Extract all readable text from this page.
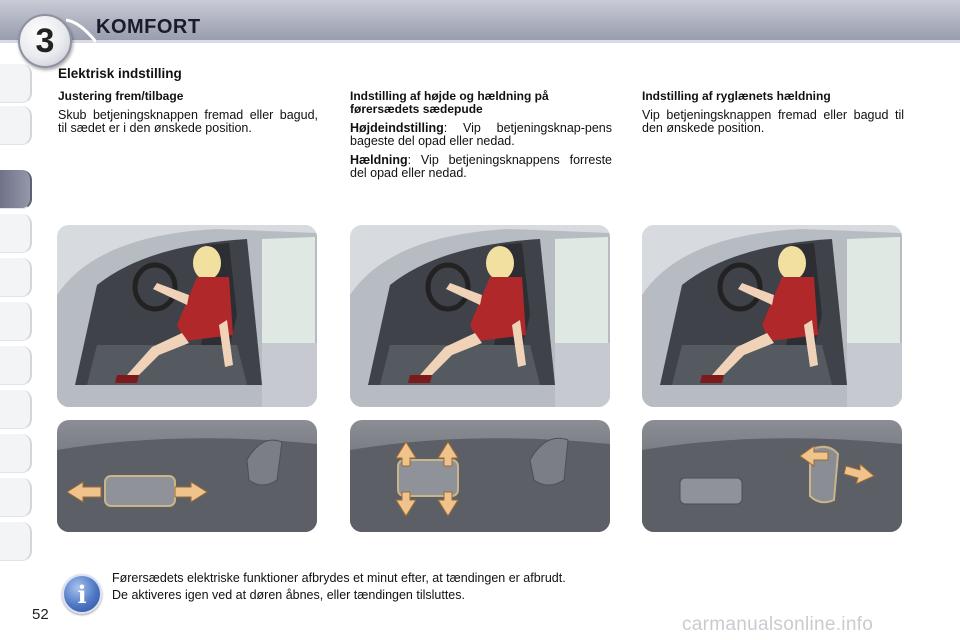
3	KOMFORT
Elektrisk indstilling
Justering frem/tilbage

Skub betjeningsknappen fremad eller bagud, til sædet er i den ønskede position.

Indstilling af højde og hældning på førersædets sædepude

Højdeindstilling: Vip betjeningsknap-pens bageste del opad eller nedad.

Hældning: Vip betjeningsknappens forreste del opad eller nedad.

Indstilling af ryglænets hældning

Vip betjeningsknappen fremad eller bagud til den ønskede position.

i
Førersædets elektriske funktioner afbrydes et minut efter, at tændingen er afbrudt.
De aktiveres igen ved at døren åbnes, eller tændingen tilsluttes.
52	carmanualsonline.info
